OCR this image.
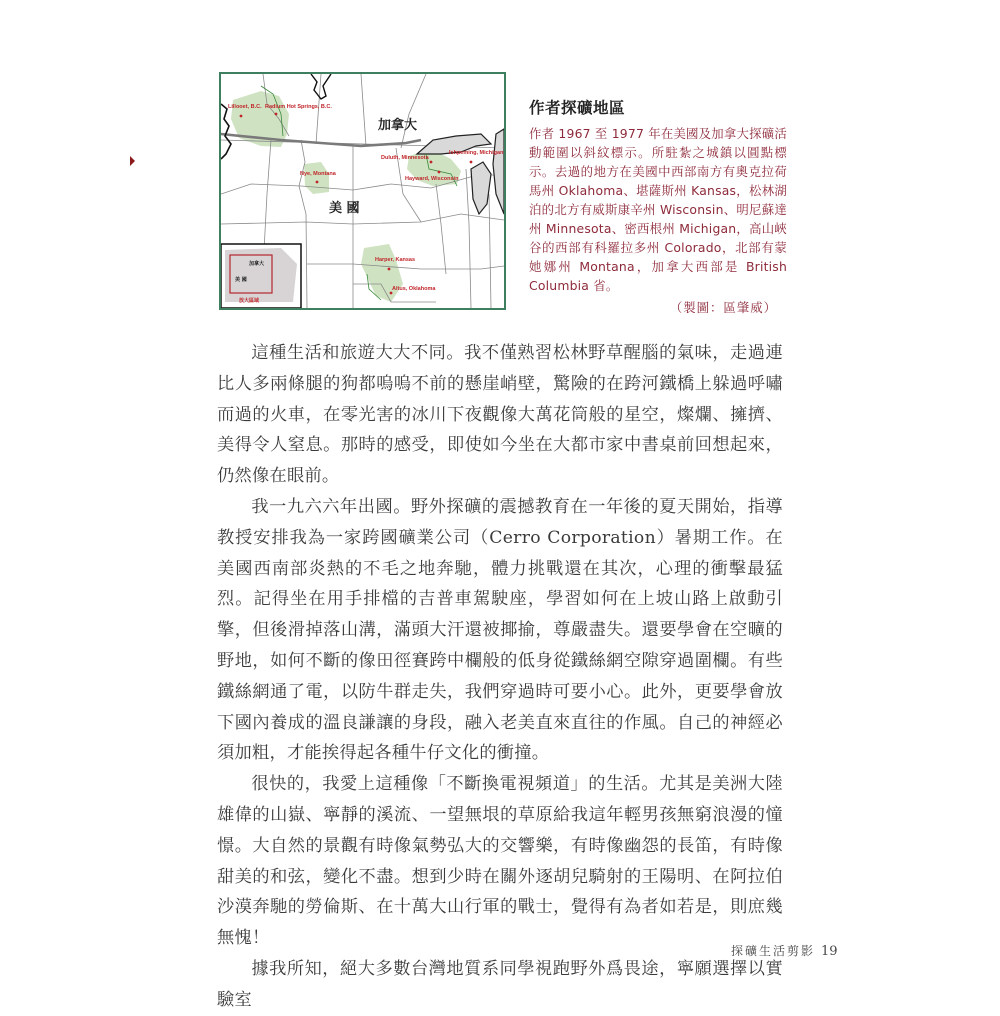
Lillooet, B.C. Radium Hot Springs, B.C.
Duluth, Minnesota
Ishpeming, Michigan
Hayward, Wisconsin
Nye, Montana
Harper, Kansas
Altus, Oklahoma
加拿大
美 國
加拿大
美 國
放大區域
作者探礦地區

作者 1967 至 1977 年在美國及加拿大探礦活動範圍以斜紋標示。所駐紮之城鎮以圓點標示。去過的地方在美國中西部南方有奧克拉荷馬州 Oklahoma、堪薩斯州 Kansas，松林湖泊的北方有威斯康辛州 Wisconsin、明尼蘇達州 Minnesota、密西根州 Michigan，高山峽谷的西部有科羅拉多州 Colorado，北部有蒙她娜州 Montana，加拿大西部是 British Columbia 省。

（製圖：區肇威）

這種生活和旅遊大大不同。我不僅熟習松林野草醒腦的氣味，走過連比人多兩條腿的狗都嗚嗚不前的懸崖峭壁，驚險的在跨河鐵橋上躲過呼嘯而過的火車，在零光害的冰川下夜觀像大萬花筒般的星空，燦爛、擁擠、美得令人窒息。那時的感受，即使如今坐在大都市家中書桌前回想起來，仍然像在眼前。

我一九六六年出國。野外探礦的震撼教育在一年後的夏天開始，指導教授安排我為一家跨國礦業公司（Cerro Corporation）暑期工作。在美國西南部炎熱的不毛之地奔馳，體力挑戰還在其次，心理的衝擊最猛烈。記得坐在用手排檔的吉普車駕駛座，學習如何在上坡山路上啟動引擎，但後滑掉落山溝，滿頭大汗還被揶揄，尊嚴盡失。還要學會在空曠的野地，如何不斷的像田徑賽跨中欄般的低身從鐵絲網空隙穿過圍欄。有些鐵絲網通了電，以防牛群走失，我們穿過時可要小心。此外，更要學會放下國內養成的溫良謙讓的身段，融入老美直來直往的作風。自己的神經必須加粗，才能挨得起各種牛仔文化的衝撞。

很快的，我愛上這種像「不斷換電視頻道」的生活。尤其是美洲大陸雄偉的山嶽、寧靜的溪流、一望無垠的草原給我這年輕男孩無窮浪漫的憧憬。大自然的景觀有時像氣勢弘大的交響樂，有時像幽怨的長笛，有時像甜美的和弦，變化不盡。想到少時在關外逐胡兒騎射的王陽明、在阿拉伯沙漠奔馳的勞倫斯、在十萬大山行軍的戰士，覺得有為者如若是，則庶幾無愧！

據我所知，絕大多數台灣地質系同學視跑野外爲畏途，寧願選擇以實驗室

探礦生活剪影 19
